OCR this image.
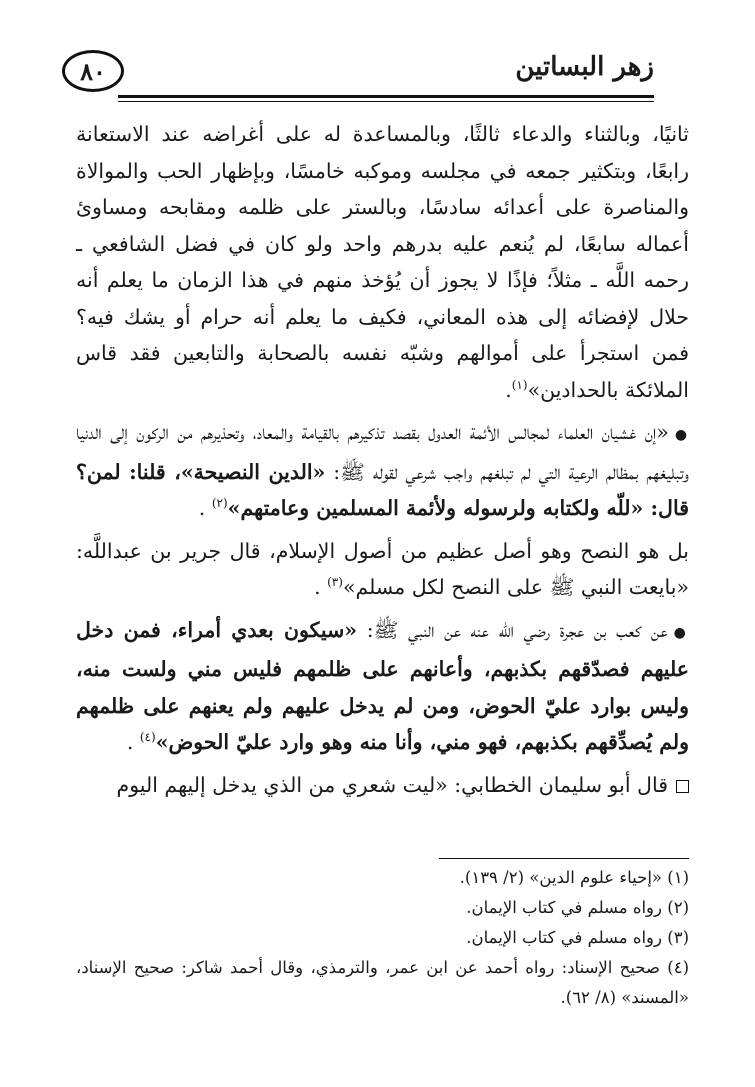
٨٠	زهر البساتين

ثانيًا، وبالثناء والدعاء ثالثًا، وبالمساعدة له على أغراضه عند الاستعانة رابعًا، وبتكثير جمعه في مجلسه وموكبه خامسًا، وبإظهار الحب والموالاة والمناصرة على أعدائه سادسًا، وبالستر على ظلمه ومقابحه ومساوئ أعماله سابعًا، لم يُنعم عليه بدرهم واحد ولو كان في فضل الشافعي ـ رحمه اللَّه ـ مثلاً؛ فإذًا لا يجوز أن يُؤخذ منهم في هذا الزمان ما يعلم أنه حلال لإفضائه إلى هذه المعاني، فكيف ما يعلم أنه حرام أو يشك فيه؟ فمن استجرأ على أموالهم وشبّه نفسه بالصحابة والتابعين فقد قاس الملائكة بالحدادين»$^{(١)}$.

●«إن غشيان العلماء لمجالس الأئمة العدول بقصد تذكيرهم بالقيامة والمعاد، وتحذيرهم من الركون إلى الدنيا وتبليغهم بمظالم الرعية التي لم تبلغهم واجب شرعي لقوله ﷺ: «الدين النصيحة»، قلنا: لمن؟ قال: «للّه ولكتابه ولرسوله ولأئمة المسلمين وعامتهم»$^{(٢)}$ .

بل هو النصح وهو أصل عظيم من أصول الإسلام، قال جرير بن عبداللَّه: «بايعت النبي ﷺ على النصح لكل مسلم»$^{(٣)}$ .

●عن كعب بن عجرة رضي الله عنه عن النبي ﷺ: «سيكون بعدي أمراء، فمن دخل عليهم فصدّقهم بكذبهم، وأعانهم على ظلمهم فليس مني ولست منه، وليس بوارد عليّ الحوض، ومن لم يدخل عليهم ولم يعنهم على ظلمهم ولم يُصدِّقهم بكذبهم، فهو مني، وأنا منه وهو وارد عليّ الحوض»$^{(٤)}$ .

قال أبو سليمان الخطابي: «ليت شعري من الذي يدخل إليهم اليوم

(١) «إحياء علوم الدين» (٢/ ١٣٩).

(٢) رواه مسلم في كتاب الإيمان.

(٣) رواه مسلم في كتاب الإيمان.

(٤) صحيح الإسناد: رواه أحمد عن ابن عمر، والترمذي، وقال أحمد شاكر: صحيح الإسناد، «المسند» (٨/ ٦٢).
